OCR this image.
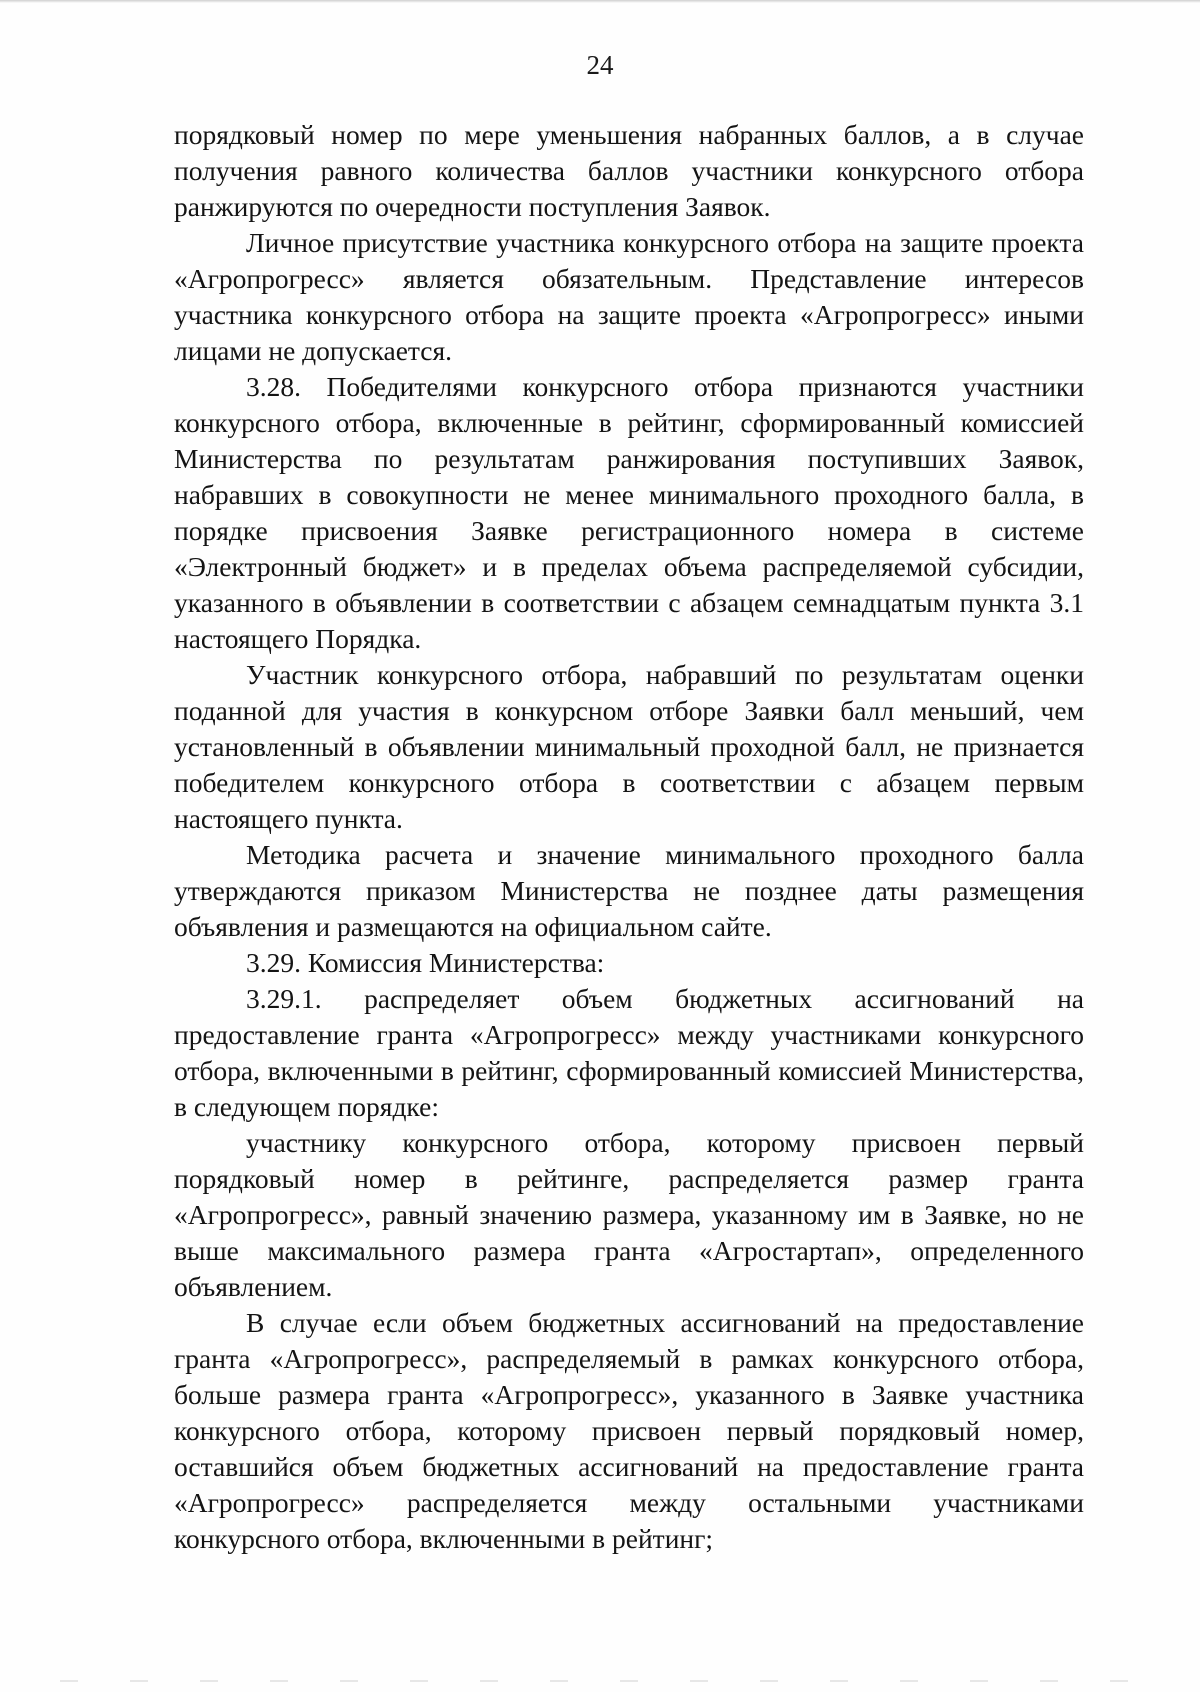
24

порядковый номер по мере уменьшения набранных баллов, а в случае получения равного количества баллов участники конкурсного отбора ранжируются по очередности поступления Заявок.

Личное присутствие участника конкурсного отбора на защите проекта «Агропрогресс» является обязательным. Представление интересов участника конкурсного отбора на защите проекта «Агропрогресс» иными лицами не допускается.

3.28. Победителями конкурсного отбора признаются участники конкурсного отбора, включенные в рейтинг, сформированный комиссией Министерства по результатам ранжирования поступивших Заявок, набравших в совокупности не менее минимального проходного балла, в порядке присвоения Заявке регистрационного номера в системе «Электронный бюджет» и в пределах объема распределяемой субсидии, указанного в объявлении в соответствии с абзацем семнадцатым пункта 3.1 настоящего Порядка.

Участник конкурсного отбора, набравший по результатам оценки поданной для участия в конкурсном отборе Заявки балл меньший, чем установленный в объявлении минимальный проходной балл, не признается победителем конкурсного отбора в соответствии с абзацем первым настоящего пункта.

Методика расчета и значение минимального проходного балла утверждаются приказом Министерства не позднее даты размещения объявления и размещаются на официальном сайте.

3.29. Комиссия Министерства:

3.29.1. распределяет объем бюджетных ассигнований на предоставление гранта «Агропрогресс» между участниками конкурсного отбора, включенными в рейтинг, сформированный комиссией Министерства, в следующем порядке:

участнику конкурсного отбора, которому присвоен первый порядковый номер в рейтинге, распределяется размер гранта «Агропрогресс», равный значению размера, указанному им в Заявке, но не выше максимального размера гранта «Агростартап», определенного объявлением.

В случае если объем бюджетных ассигнований на предоставление гранта «Агропрогресс», распределяемый в рамках конкурсного отбора, больше размера гранта «Агропрогресс», указанного в Заявке участника конкурсного отбора, которому присвоен первый порядковый номер, оставшийся объем бюджетных ассигнований на предоставление гранта «Агропрогресс» распределяется между остальными участниками конкурсного отбора, включенными в рейтинг;
